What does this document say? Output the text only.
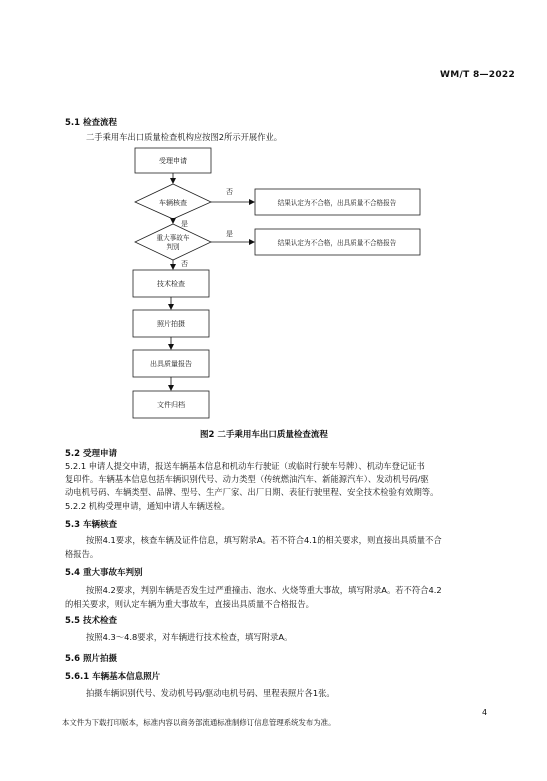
WM/T 8—2022
5.1 检查流程
二手乘用车出口质量检查机构应按图2所示开展作业。
受理申请
车辆核查
重大事故车
判别
结果认定为不合格，出具质量不合格报告
结果认定为不合格，出具质量不合格报告
技术检查
照片拍摄
出具质量报告
文件归档
否
是
是
否
图2 二手乘用车出口质量检查流程
5.2 受理申请
5.2.1 申请人提交申请，报送车辆基本信息和机动车行驶证（或临时行驶车号牌）、机动车登记证书
复印件。车辆基本信息包括车辆识别代号、动力类型（传统燃油汽车、新能源汽车）、发动机号码/驱
动电机号码、车辆类型、品牌、型号、生产厂家、出厂日期、表征行驶里程、安全技术检验有效期等。
5.2.2 机构受理申请，通知申请人车辆送检。
5.3 车辆核查
按照4.1要求，核查车辆及证件信息，填写附录A。若不符合4.1的相关要求，则直接出具质量不合
格报告。
5.4 重大事故车判别
按照4.2要求，判别车辆是否发生过严重撞击、泡水、火烧等重大事故，填写附录A。若不符合4.2
的相关要求，则认定车辆为重大事故车，直接出具质量不合格报告。
5.5 技术检查
按照4.3～4.8要求，对车辆进行技术检查，填写附录A。
5.6 照片拍摄
5.6.1 车辆基本信息照片
拍摄车辆识别代号、发动机号码/驱动电机号码、里程表照片各1张。
4
本文件为下载打印版本，标准内容以商务部流通标准制修订信息管理系统发布为准。
